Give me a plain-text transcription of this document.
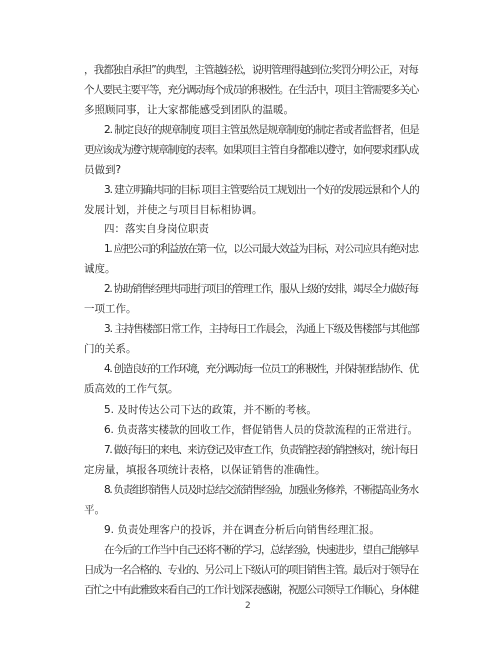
，我都独自承担”的典型，主管越轻松，说明管理得越到位;奖罚分明公正，对每
个人要民主要平等，充分调动每个成员的积极性。在生活中，项目主管需要多关心
多照顾同事，让大家都能感受到团队的温暖。
2. 制定良好的规章制度 项目主管虽然是规章制度的制定者或者监督者，但是
更应该成为遵守规章制度的表率。如果项目主管自身都难以遵守，如何要求团队成
员做到?
3. 建立明确共同的目标 项目主管要给员工规划出一个好的发展远景和个人的
发展计划，并使之与项目目标相协调。
四：落实自身岗位职责
1. 应把公司的利益放在第一位，以公司最大效益为目标，对公司应具有绝对忠
诚度。
2. 协助销售经理共同进行项目的管理工作，服从上级的安排，竭尽全力做好每
一项工作。
3. 主持售楼部日常工作，主持每日工作晨会， 沟通上下级及售楼部与其他部
门的关系。
4. 创造良好的工作环境，充分调动每一位员工的积极性，并保持团结协作、优
质高效的工作气氛。
5. 及时传达公司下达的政策，并不断的考核。
6. 负责落实楼款的回收工作，督促销售人员的贷款流程的正常进行。
7. 做好每日的来电、来访登记及审查工作，负责销控表的销控核对，统计每日
定房量，填报各项统计表格，以保证销售的准确性。
8. 负责组织销售人员及时总结交流销售经验，加强业务修养，不断提高业务水
平。
9. 负责处理客户的投诉，并在调查分析后向销售经理汇报。
在今后的工作当中自己还将不断的学习，总结经验，快速进步，望自己能够早
日成为一名合格的、专业的、另公司上下级认可的项目销售主管。最后对于领导在
百忙之中有此雅致来看自己的工作计划深表感谢，祝愿公司领导工作顺心，身体健
2
